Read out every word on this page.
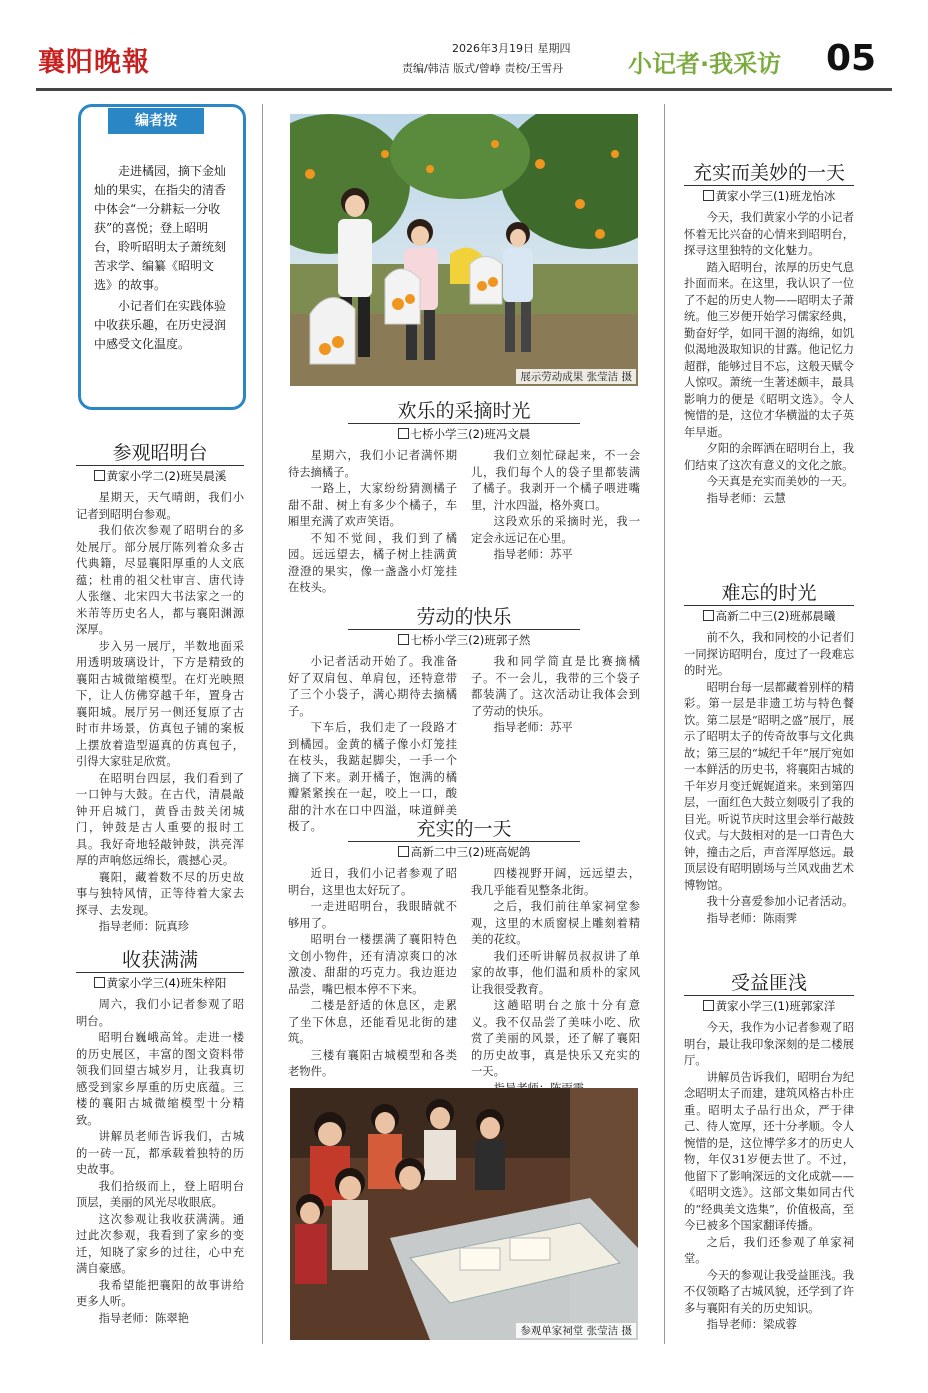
襄阳晚報	2026年3月19日 星期四
责编/韩洁 版式/曾峥 责校/王雪丹	小记者·我采访 05
编者按

走进橘园，摘下金灿灿的果实，在指尖的清香中体会“一分耕耘一分收获”的喜悦；登上昭明台，聆听昭明太子萧统刻苦求学、编纂《昭明文选》的故事。

小记者们在实践体验中收获乐趣，在历史浸润中感受文化温度。

参观昭明台
黄家小学二(2)班吴晨溪

星期天，天气晴朗，我们小记者到昭明台参观。

我们依次参观了昭明台的多处展厅。部分展厅陈列着众多古代典籍，尽显襄阳厚重的人文底蕴；杜甫的祖父杜审言、唐代诗人张继、北宋四大书法家之一的米芾等历史名人，都与襄阳渊源深厚。

步入另一展厅，半数地面采用透明玻璃设计，下方是精致的襄阳古城微缩模型。在灯光映照下，让人仿佛穿越千年，置身古襄阳城。展厅另一侧还复原了古时市井场景，仿真包子铺的案板上摆放着造型逼真的仿真包子，引得大家驻足欣赏。

在昭明台四层，我们看到了一口钟与大鼓。在古代，清晨敲钟开启城门，黄昏击鼓关闭城门，钟鼓是古人重要的报时工具。我好奇地轻敲钟鼓，洪亮浑厚的声响悠远绵长，震撼心灵。

襄阳，藏着数不尽的历史故事与独特风情，正等待着大家去探寻、去发现。

指导老师：阮真珍

收获满满
黄家小学三(4)班朱梓阳

周六，我们小记者参观了昭明台。

昭明台巍峨高耸。走进一楼的历史展区，丰富的图文资料带领我们回望古城岁月，让我真切感受到家乡厚重的历史底蕴。三楼的襄阳古城微缩模型十分精致。

讲解员老师告诉我们，古城的一砖一瓦，都承载着独特的历史故事。

我们拾级而上，登上昭明台顶层，美丽的风光尽收眼底。

这次参观让我收获满满。通过此次参观，我看到了家乡的变迁，知晓了家乡的过往，心中充满自豪感。

我希望能把襄阳的故事讲给更多人听。

指导老师：陈翠艳

展示劳动成果 张莹洁 摄
欢乐的采摘时光
七桥小学三(2)班冯文晨

星期六，我们小记者满怀期待去摘橘子。

一路上，大家纷纷猜测橘子甜不甜、树上有多少个橘子，车厢里充满了欢声笑语。

不知不觉间，我们到了橘园。远远望去，橘子树上挂满黄澄澄的果实，像一盏盏小灯笼挂在枝头。

我们立刻忙碌起来，不一会儿，我们每个人的袋子里都装满了橘子。我剥开一个橘子喂进嘴里，汁水四溢，格外爽口。

这段欢乐的采摘时光，我一定会永远记在心里。

指导老师：苏平

劳动的快乐
七桥小学三(2)班郭子然

小记者活动开始了。我准备好了双肩包、单肩包，还特意带了三个小袋子，满心期待去摘橘子。

下车后，我们走了一段路才到橘园。金黄的橘子像小灯笼挂在枝头，我踮起脚尖，一手一个摘了下来。剥开橘子，饱满的橘瓣紧紧挨在一起，咬上一口，酸甜的汁水在口中四溢，味道鲜美极了。

我和同学简直是比赛摘橘子。不一会儿，我带的三个袋子都装满了。这次活动让我体会到了劳动的快乐。

指导老师：苏平

充实的一天
高新二中三(2)班高妮鸽

近日，我们小记者参观了昭明台，这里也太好玩了。

一走进昭明台，我眼睛就不够用了。

昭明台一楼摆满了襄阳特色文创小物件，还有清凉爽口的冰激凌、甜甜的巧克力。我边逛边品尝，嘴巴根本停不下来。

二楼是舒适的休息区，走累了坐下休息，还能看见北街的建筑。

三楼有襄阳古城模型和各类老物件。

四楼视野开阔，远远望去，我几乎能看见整条北街。

之后，我们前往单家祠堂参观，这里的木质窗棂上雕刻着精美的花纹。

我们还听讲解员叔叔讲了单家的故事，他们温和质朴的家风让我很受教育。

这趟昭明台之旅十分有意义。我不仅品尝了美味小吃、欣赏了美丽的风景，还了解了襄阳的历史故事，真是快乐又充实的一天。

参观单家祠堂 张莹洁 摄
充实而美妙的一天
黄家小学三(1)班龙怡冰

今天，我们黄家小学的小记者怀着无比兴奋的心情来到昭明台，探寻这里独特的文化魅力。

踏入昭明台，浓厚的历史气息扑面而来。在这里，我认识了一位了不起的历史人物——昭明太子萧统。他三岁便开始学习儒家经典，勤奋好学，如同干涸的海绵，如饥似渴地汲取知识的甘露。他记忆力超群，能够过目不忘，这般天赋令人惊叹。萧统一生著述颇丰，最具影响力的便是《昭明文选》。令人惋惜的是，这位才华横溢的太子英年早逝。

夕阳的余晖洒在昭明台上，我们结束了这次有意义的文化之旅。

今天真是充实而美妙的一天。

指导老师：云慧

难忘的时光
高新二中三(2)班郝晨曦

前不久，我和同校的小记者们一同探访昭明台，度过了一段难忘的时光。

昭明台每一层都藏着别样的精彩。第一层是非遗工坊与特色餐饮。第二层是“昭明之盛”展厅，展示了昭明太子的传奇故事与文化典故；第三层的“城纪千年”展厅宛如一本鲜活的历史书，将襄阳古城的千年岁月变迁娓娓道来。来到第四层，一面红色大鼓立刻吸引了我的目光。听说节庆时这里会举行敲鼓仪式。与大鼓相对的是一口青色大钟，撞击之后，声音浑厚悠远。最顶层设有昭明剧场与兰风戏曲艺术博物馆。

我十分喜爱参加小记者活动。

指导老师：陈雨霁

受益匪浅
黄家小学三(1)班郭家洋

今天，我作为小记者参观了昭明台，最让我印象深刻的是二楼展厅。

讲解员告诉我们，昭明台为纪念昭明太子而建，建筑风格古朴庄重。昭明太子品行出众，严于律己、待人宽厚，还十分孝顺。令人惋惜的是，这位博学多才的历史人物，年仅31岁便去世了。不过，他留下了影响深远的文化成就——《昭明文选》。这部文集如同古代的“经典美文选集”，价值极高，至今已被多个国家翻译传播。

之后，我们还参观了单家祠堂。

今天的参观让我受益匪浅。我不仅领略了古城风貌，还学到了许多与襄阳有关的历史知识。

指导老师：梁成蓉
